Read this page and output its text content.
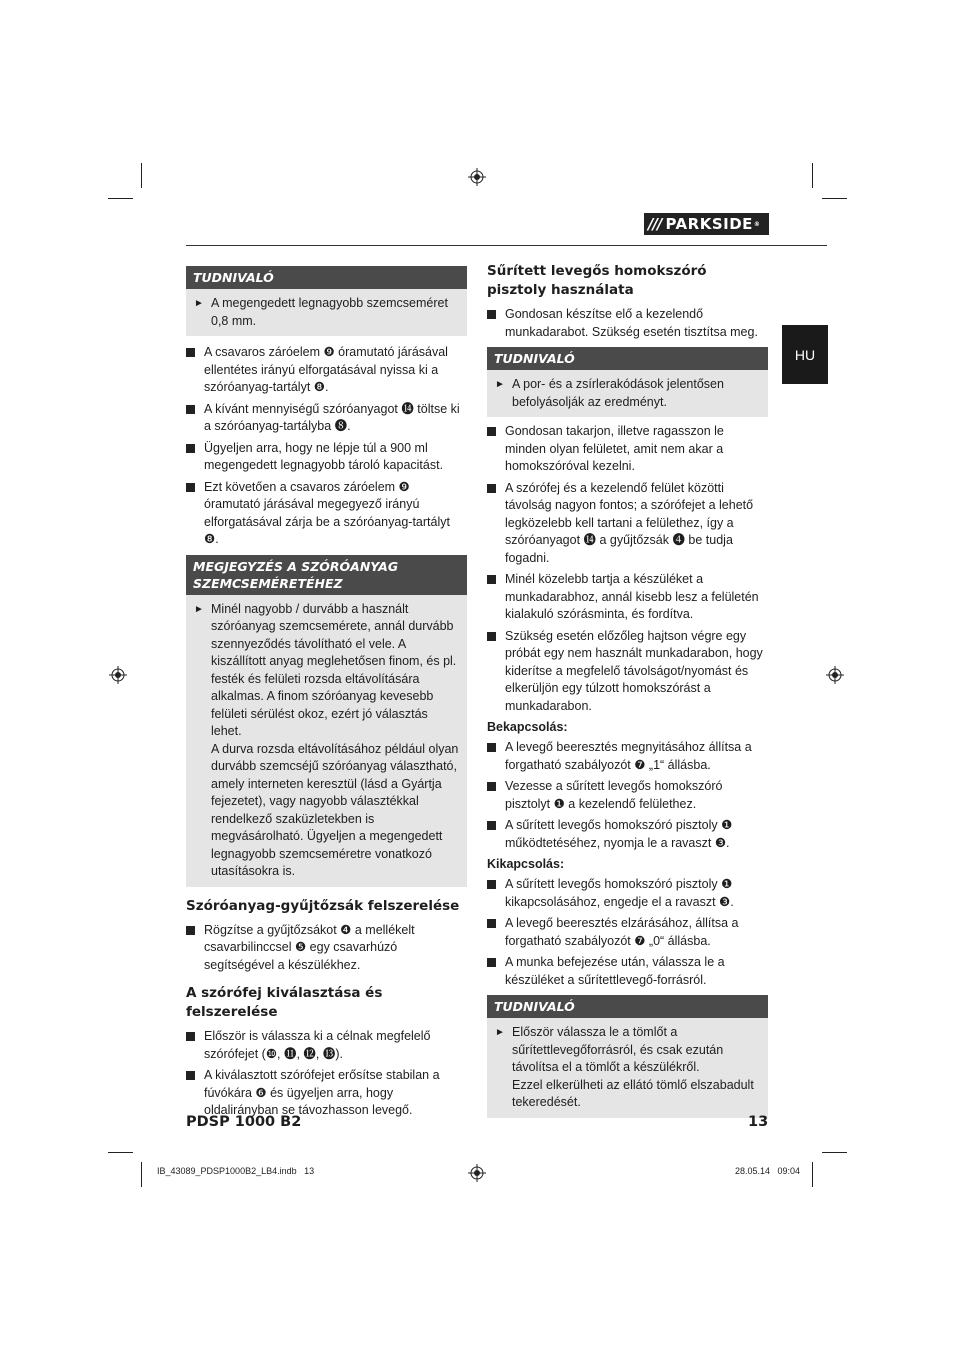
/// PARKSIDE ®
HU
TUDNIVALÓ
► A megengedett legnagyobb szemcseméret 0,8 mm.
A csavaros záróelem ❾ óramutató járásával ellentétes irányú elforgatásával nyissa ki a szóróanyag-tartályt ❽.
A kívánt mennyiségű szóróanyagot ⓮ töltse ki a szóróanyag-tartályba ❽.
Ügyeljen arra, hogy ne lépje túl a 900 ml megengedett legnagyobb tároló kapacitást.
Ezt követően a csavaros záróelem ❾ óramutató járásával megegyező irányú elforgatásával zárja be a szóróanyag-tartályt ❽.
MEGJEGYZÉS A SZÓRÓANYAG SZEMCSEMÉRETÉHEZ
► Minél nagyobb / durvább a használt szóróanyag szemcsemérete, annál durvább szennyeződés távolítható el vele. A kiszállított anyag meglehetősen finom, és pl. festék és felületi rozsda eltávolítására alkalmas. A finom szóróanyag kevesebb felületi sérülést okoz, ezért jó választás lehet.
A durva rozsda eltávolításához például olyan durvább szemcséjű szóróanyag választható, amely interneten keresztül (lásd a Gyártja fejezetet), vagy nagyobb választékkal rendelkező szaküzletekben is megvásárolható. Ügyeljen a megengedett legnagyobb szemcseméretre vonatkozó utasításokra is.
Szóróanyag-gyűjtőzsák felszerelése
Rögzítse a gyűjtőzsákot ❹ a mellékelt csavarbilinccsel ❺ egy csavarhúzó segítségével a készülékhez.
A szórófej kiválasztása és felszerelése
Először is válassza ki a célnak megfelelő szórófejet (❿, ⓫, ⓬, ⓭).
A kiválasztott szórófejet erősítse stabilan a fúvókára ❻ és ügyeljen arra, hogy oldalirányban se távozhasson levegő.
Sűrített levegős homokszóró pisztoly használata
Gondosan készítse elő a kezelendő munkadarabot. Szükség esetén tisztítsa meg.
TUDNIVALÓ
► A por- és a zsírlerakódások jelentősen befolyásolják az eredményt.
Gondosan takarjon, illetve ragasszon le minden olyan felületet, amit nem akar a homokszóróval kezelni.
A szórófej és a kezelendő felület közötti távolság nagyon fontos; a szórófejet a lehető legközelebb kell tartani a felülethez, így a szóróanyagot ⓮ a gyűjtőzsák ❹ be tudja fogadni.
Minél közelebb tartja a készüléket a munkadarabhoz, annál kisebb lesz a felületén kialakuló szórásminta, és fordítva.
Szükség esetén előzőleg hajtson végre egy próbát egy nem használt munkadarabon, hogy kiderítse a megfelelő távolságot/nyomást és elkerüljön egy túlzott homokszórást a munkadarabon.
Bekapcsolás:
A levegő beeresztés megnyitásához állítsa a forgatható szabályozót ❼ „1“ állásba.
Vezesse a sűrített levegős homokszóró pisztolyt ❶ a kezelendő felülethez.
A sűrített levegős homokszóró pisztoly ❶ működtetéséhez, nyomja le a ravaszt ❸.
Kikapcsolás:
A sűrített levegős homokszóró pisztoly ❶ kikapcsolásához, engedje el a ravaszt ❸.
A levegő beeresztés elzárásához, állítsa a forgatható szabályozót ❼ „0“ állásba.
A munka befejezése után, válassza le a készüléket a sűrítettlevegő-forrásról.
TUDNIVALÓ
► Először válassza le a tömlőt a sűrítettlevegőforrásról, és csak ezután távolítsa el a tömlőt a készülékről.
Ezzel elkerülheti az ellátó tömlő elszabadult tekeredését.
PDSP 1000 B2	13
IB_43089_PDSP1000B2_LB4.indb   13	28.05.14   09:04
